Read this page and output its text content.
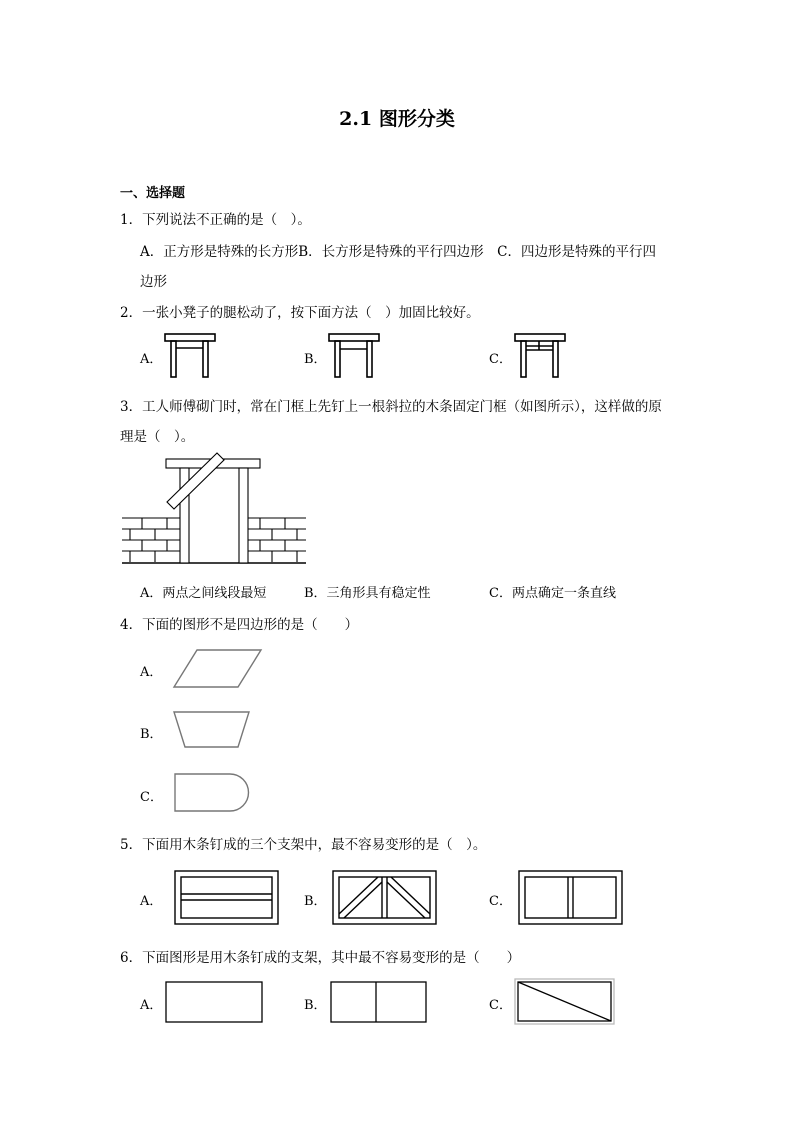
2.1 图形分类
一、选择题
1．下列说法不正确的是（　）。
A．正方形是特殊的长方形B．长方形是特殊的平行四边形　C．四边形是特殊的平行四
边形
2．一张小凳子的腿松动了，按下面方法（　）加固比较好。
A．	B．	C．
3．工人师傅砌门时，常在门框上先钉上一根斜拉的木条固定门框（如图所示），这样做的原
理是（　）。
A．两点之间线段最短	B．三角形具有稳定性	C．两点确定一条直线
4．下面的图形不是四边形的是（　　）
A．
B．
C．
5．下面用木条钉成的三个支架中，最不容易变形的是（　）。
A．	B．	C．
6．下面图形是用木条钉成的支架，其中最不容易变形的是（　　）
A．	B．	C．
